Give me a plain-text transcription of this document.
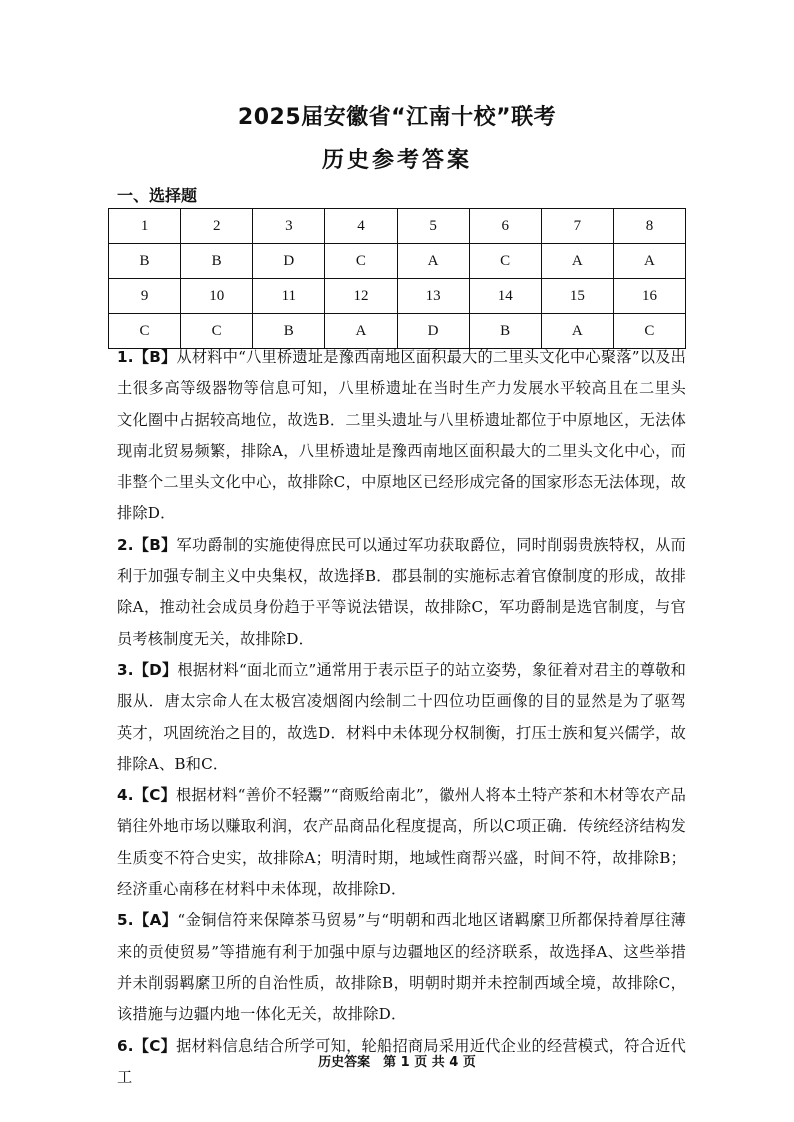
2025届安徽省“江南十校”联考
历史参考答案
一、选择题
1	2	3	4	5	6	7	8
B	B	D	C	A	C	A	A
9	10	11	12	13	14	15	16
C	C	B	A	D	B	A	C

1.【B】从材料中“八里桥遗址是豫西南地区面积最大的二里头文化中心聚落”以及出土很多高等级器物等信息可知，八里桥遗址在当时生产力发展水平较高且在二里头文化圈中占据较高地位，故选B．二里头遗址与八里桥遗址都位于中原地区，无法体现南北贸易频繁，排除A，八里桥遗址是豫西南地区面积最大的二里头文化中心，而非整个二里头文化中心，故排除C，中原地区已经形成完备的国家形态无法体现，故排除D．

2.【B】军功爵制的实施使得庶民可以通过军功获取爵位，同时削弱贵族特权，从而利于加强专制主义中央集权，故选择B．郡县制的实施标志着官僚制度的形成，故排除A，推动社会成员身份趋于平等说法错误，故排除C，军功爵制是选官制度，与官员考核制度无关，故排除D．

3.【D】根据材料“面北而立”通常用于表示臣子的站立姿势，象征着对君主的尊敬和服从．唐太宗命人在太极宫凌烟阁内绘制二十四位功臣画像的目的显然是为了驱驾英才，巩固统治之目的，故选D．材料中未体现分权制衡，打压士族和复兴儒学，故排除A、B和C．

4.【C】根据材料“善价不轻鬻”“商贩给南北”，徽州人将本土特产茶和木材等农产品销往外地市场以赚取利润，农产品商品化程度提高，所以C项正确．传统经济结构发生质变不符合史实，故排除A；明清时期，地域性商帮兴盛，时间不符，故排除B；经济重心南移在材料中未体现，故排除D．

5.【A】“金铜信符来保障茶马贸易”与“明朝和西北地区诸羁縻卫所都保持着厚往薄来的贡使贸易”等措施有利于加强中原与边疆地区的经济联系，故选择A、这些举措并未削弱羁縻卫所的自治性质，故排除B，明朝时期并未控制西域全境，故排除C，该措施与边疆内地一体化无关，故排除D．

6.【C】据材料信息结合所学可知，轮船招商局采用近代企业的经营模式，符合近代工

历史答案　第 1 页 共 4 页
